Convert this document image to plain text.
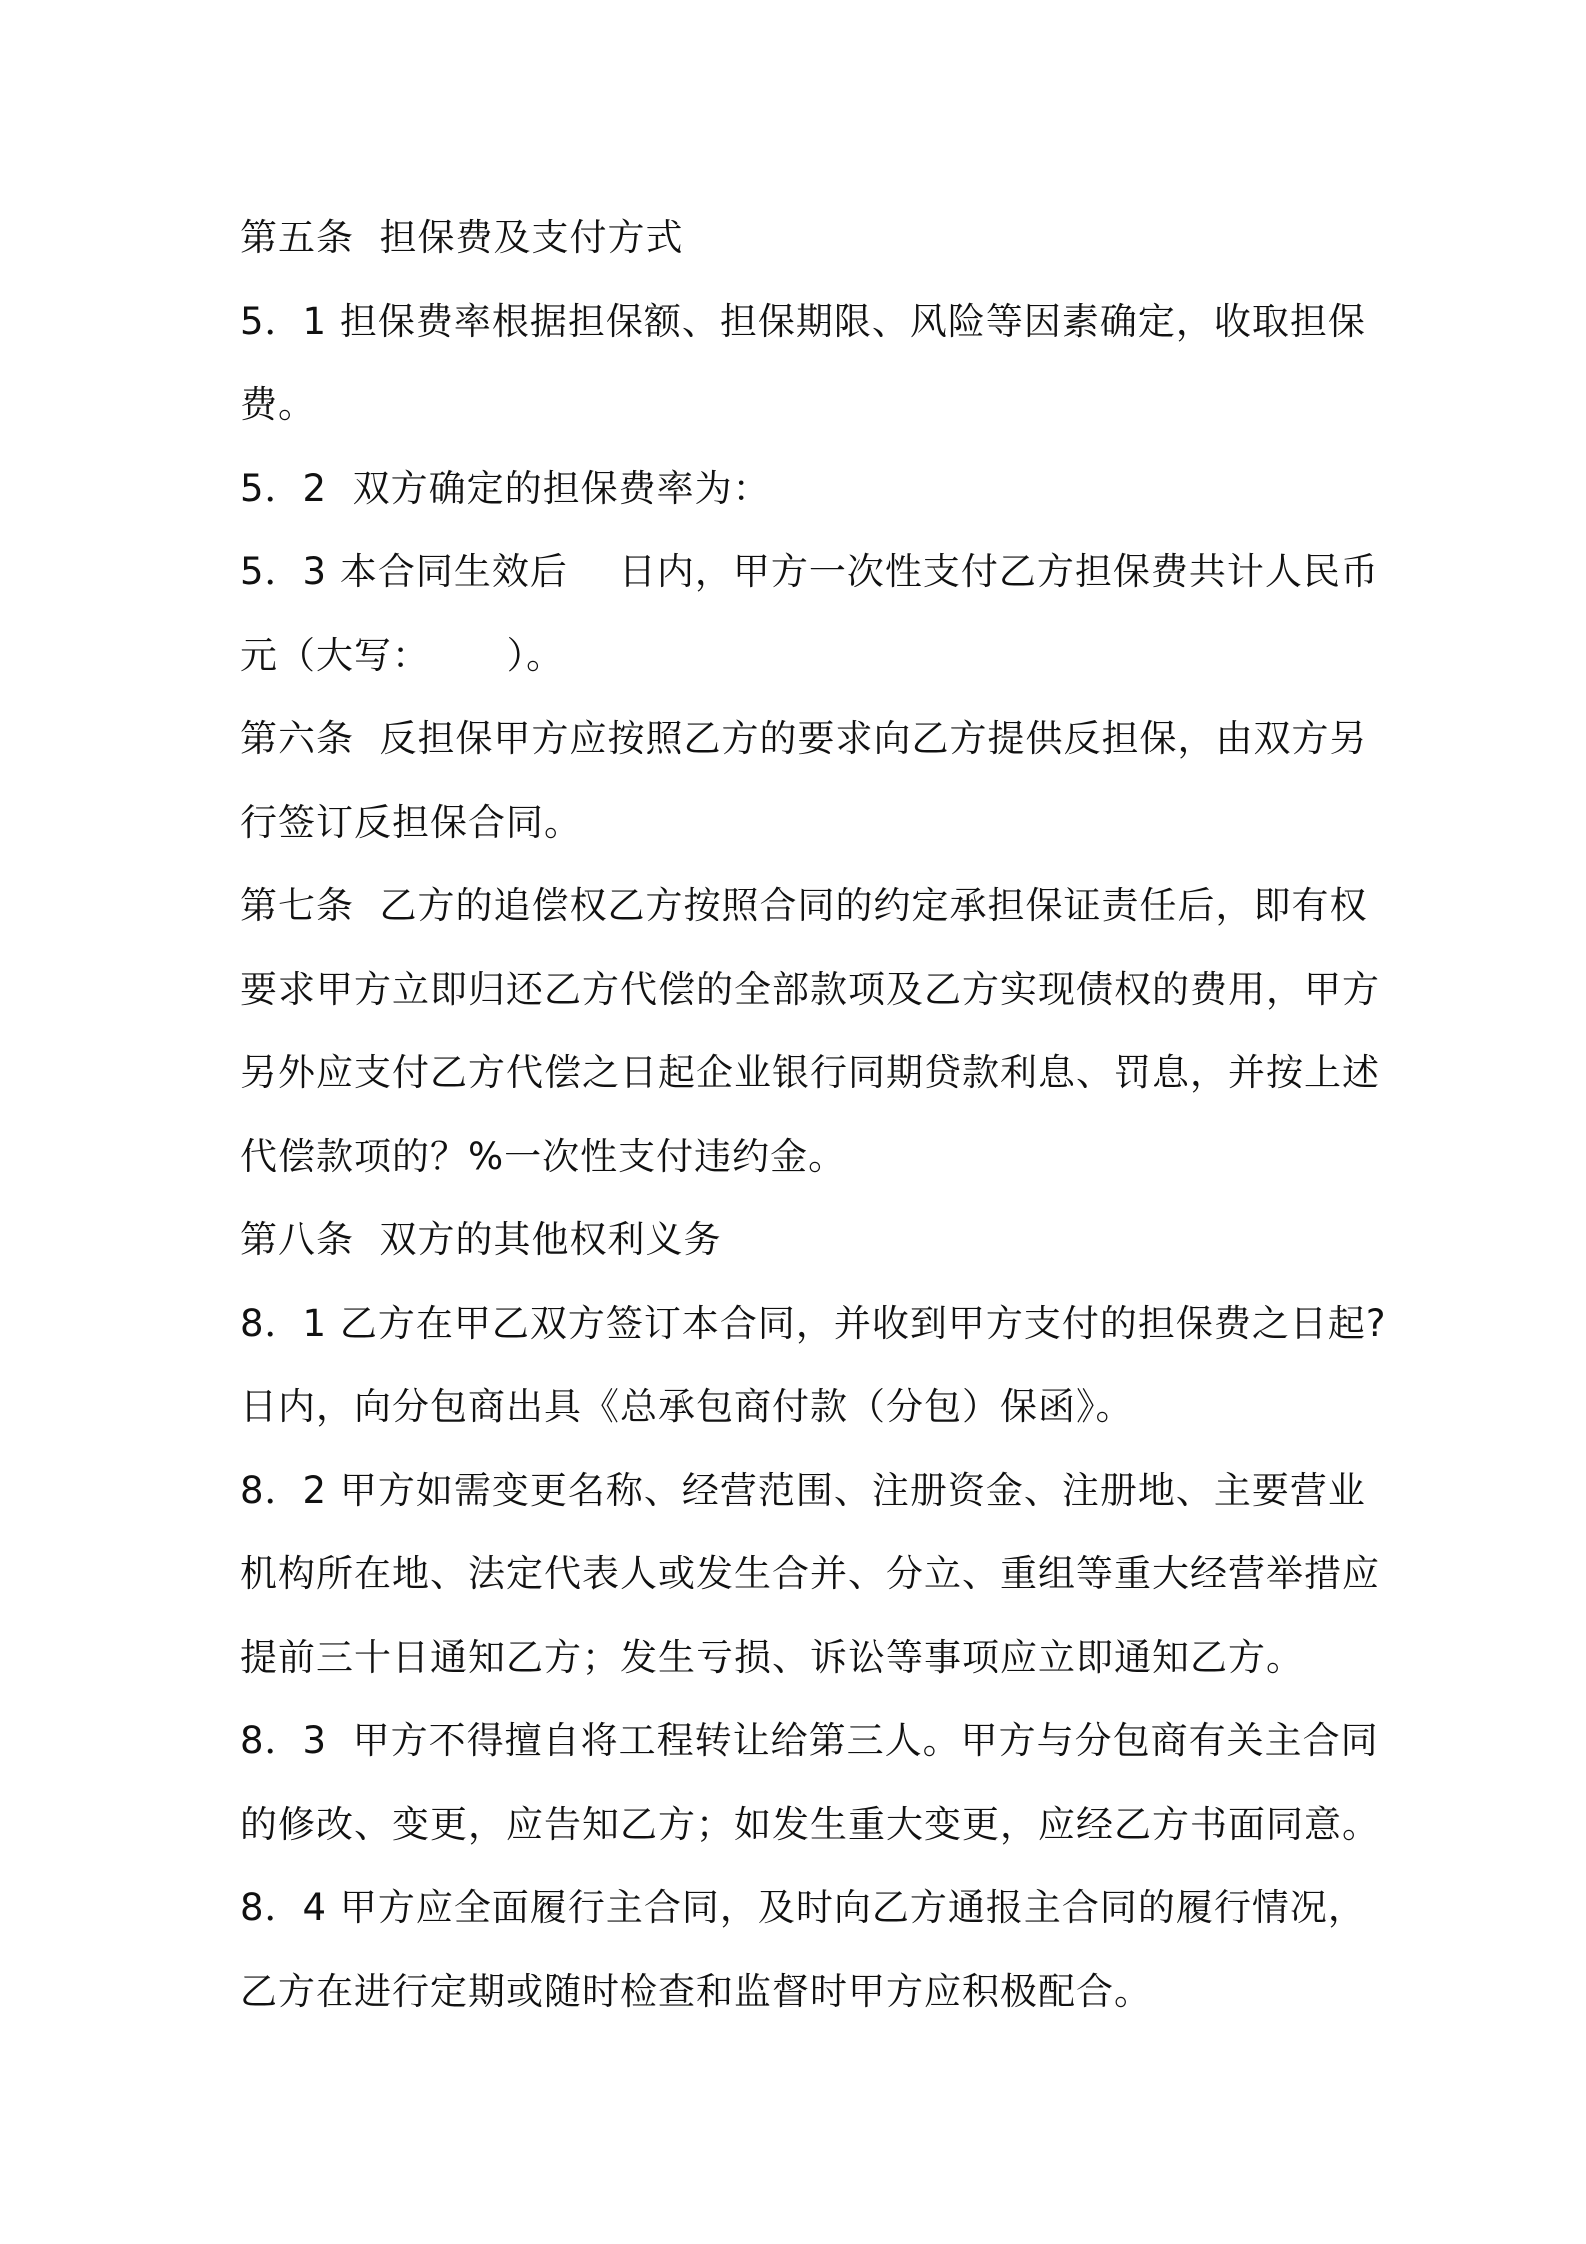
第五条  担保费及支付方式
5．1 担保费率根据担保额、担保期限、风险等因素确定，收取担保
费。
5．2  双方确定的担保费率为：
5．3 本合同生效后    日内，甲方一次性支付乙方担保费共计人民币
元（大写：      ）。
第六条  反担保甲方应按照乙方的要求向乙方提供反担保，由双方另
行签订反担保合同。
第七条  乙方的追偿权乙方按照合同的约定承担保证责任后，即有权
要求甲方立即归还乙方代偿的全部款项及乙方实现债权的费用，甲方
另外应支付乙方代偿之日起企业银行同期贷款利息、罚息，并按上述
代偿款项的？%一次性支付违约金。
第八条  双方的其他权利义务
8．1 乙方在甲乙双方签订本合同，并收到甲方支付的担保费之日起?
日内，向分包商出具《总承包商付款（分包）保函》。
8．2 甲方如需变更名称、经营范围、注册资金、注册地、主要营业
机构所在地、法定代表人或发生合并、分立、重组等重大经营举措应
提前三十日通知乙方；发生亏损、诉讼等事项应立即通知乙方。
8．3  甲方不得擅自将工程转让给第三人。甲方与分包商有关主合同
的修改、变更，应告知乙方；如发生重大变更，应经乙方书面同意。
8．4 甲方应全面履行主合同，及时向乙方通报主合同的履行情况，
乙方在进行定期或随时检查和监督时甲方应积极配合。
